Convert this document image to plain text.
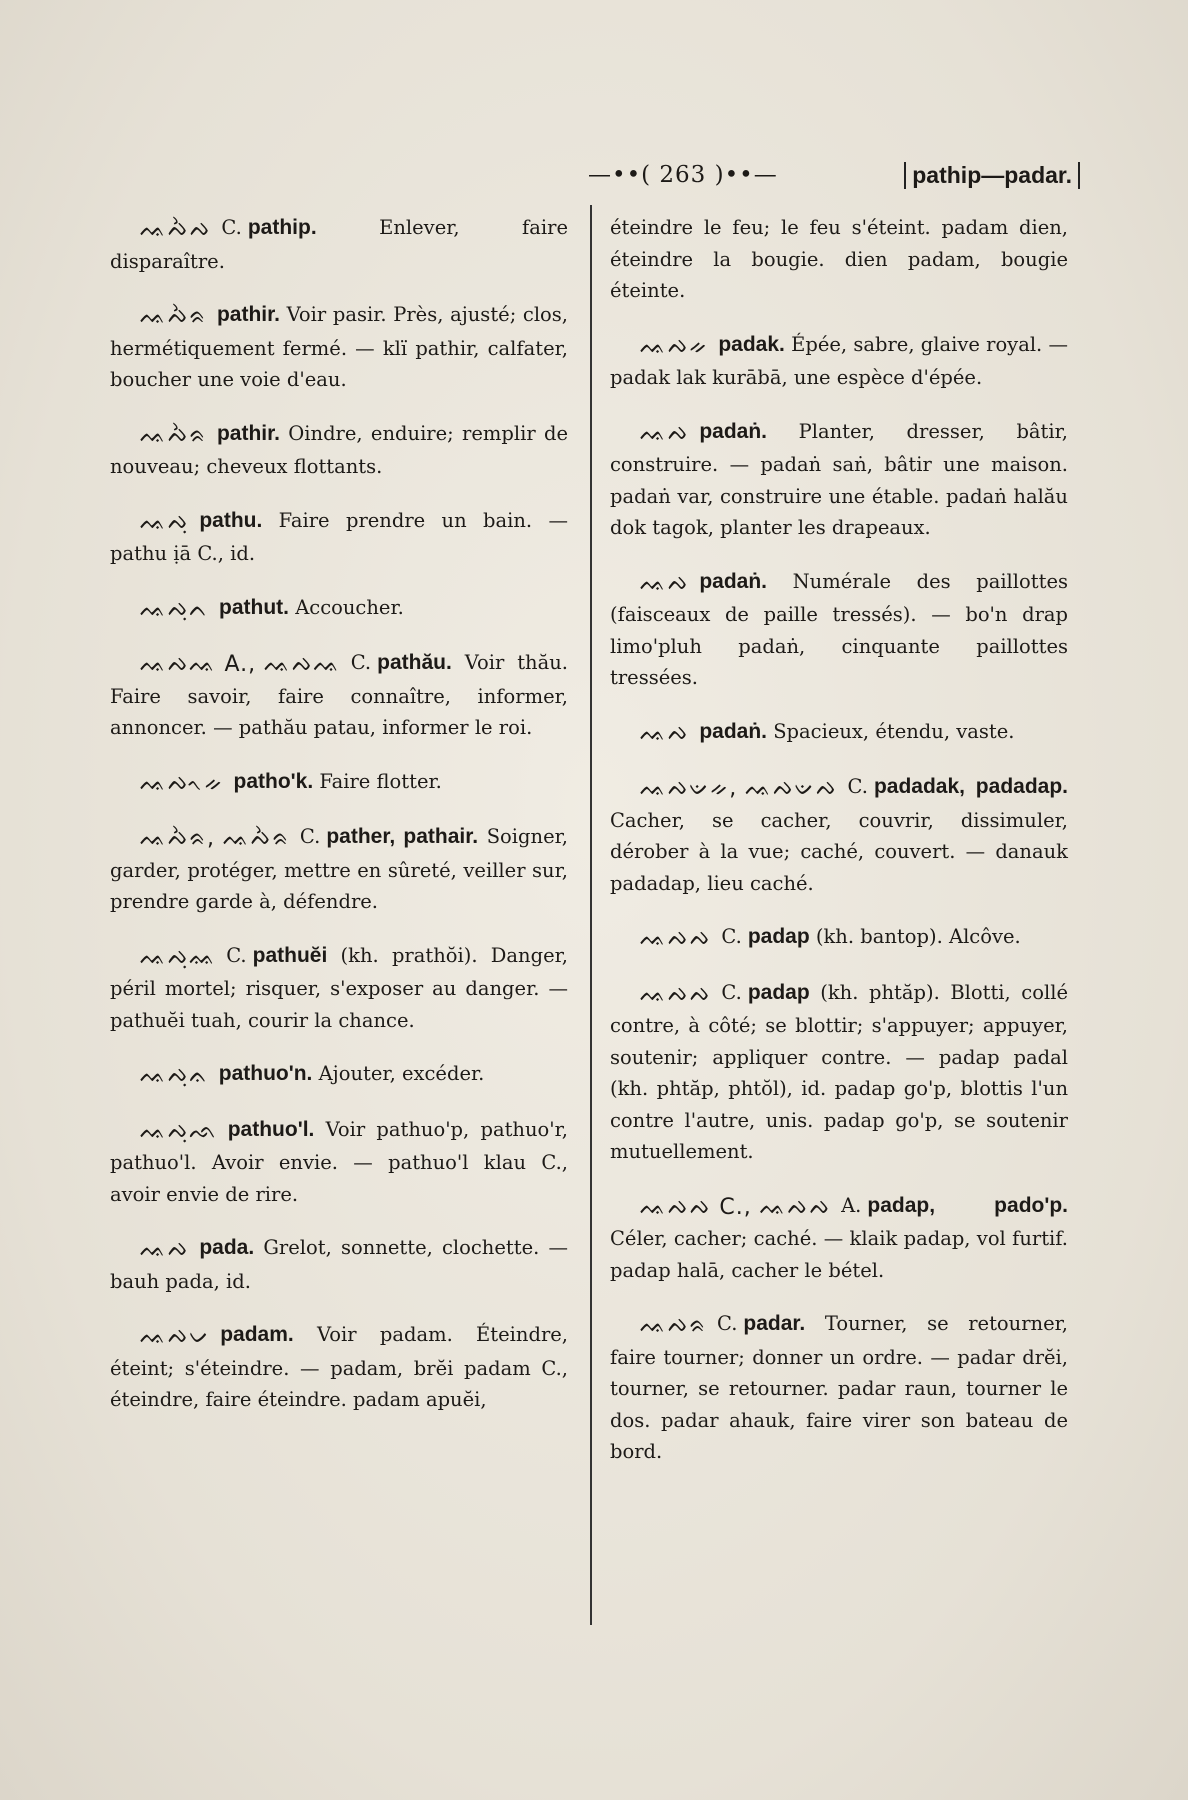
—••( 263 )••—	pathip—padar.

ᨕᨄᨛᨄ C. pathip.	Enlever, faire disparaître.

ᨕᨄᨛᨑ pathir. Voir pasir. Près, ajusté; clos, hermétiquement fermé. — klï pathir, calfater, boucher une voie d'eau.

ᨕᨄᨛᨑ pathir. Oindre, enduire; remplir de nouveau; cheveux flottants.

ᨕᨄᨘ pathu. Faire prendre un bain. — pathu ịā C., id.

ᨕᨄᨘᨈ pathut. Accoucher.

ᨕᨄᨕ A., ᨕᨄᨕ C. pathău. Voir thău. Faire savoir, faire connaître, informer, annoncer. — pathău patau, informer le roi.

ᨕᨄᨚᨀ patho'k. Faire flotter.

ᨕᨄᨛᨑ, ᨕᨄᨛᨑ C. pather, pathair. Soigner, garder, protéger, mettre en sûreté, veiller sur, prendre garde à, défendre.

ᨕᨄᨘᨐ C. pathuĕi (kh. prathŏi). Danger, péril mortel; risquer, s'exposer au danger. — pathuĕi tuah, courir la chance.

ᨕᨄᨘᨊ pathuo'n. Ajouter, excéder.

ᨕᨄᨘᨒ pathuo'l. Voir pathuo'p, pathuo'r, pathuo'l. Avoir envie. — pathuo'l klau C., avoir envie de rire.

ᨕᨄ pada. Grelot, sonnette, clochette. — bauh pada, id.

ᨕᨄᨆ padam. Voir padam. Éteindre, éteint; s'éteindre. — padam, brĕi padam C., éteindre, faire éteindre. padam apuĕi,

éteindre le feu; le feu s'éteint. padam dien, éteindre la bougie. dien padam, bougie éteinte.

ᨕᨄᨀ padak. Épée, sabre, glaive royal. — padak lak kurābā, une espèce d'épée.

ᨕᨄ padaṅ. Planter, dresser, bâtir, construire. — padaṅ saṅ, bâtir une maison. padaṅ var, construire une étable. padaṅ halău dok tagok, planter les drapeaux.

ᨕᨄ padaṅ. Numérale des paillottes (faisceaux de paille tressés). — bo'n drap limo'pluh padaṅ, cinquante paillottes tressées.

ᨕᨄ padaṅ. Spacieux, étendu, vaste.

ᨕᨄᨉᨀ, ᨕᨄᨉᨄ C. padadak, padadap. Cacher, se cacher, couvrir, dissimuler, dérober à la vue; caché, couvert. — danauk padadap, lieu caché.

ᨕᨄᨄ C. padap (kh. bantop). Alcôve.

ᨕᨄᨄ C. padap (kh. phtăp). Blotti, collé contre, à côté; se blottir; s'appuyer; appuyer, soutenir; appliquer contre. — padap padal (kh. phtăp, phtŏl), id. padap go'p, blottis l'un contre l'autre, unis. padap go'p, se soutenir mutuellement.

ᨕᨄᨄ C., ᨕᨄᨄ A. padap, pado'p. Céler, cacher; caché. — klaik padap, vol furtif. padap halā, cacher le bétel.

ᨕᨄᨑ C. padar. Tourner, se retourner, faire tourner; donner un ordre. — padar drĕi, tourner, se retourner. padar raun, tourner le dos. padar ahauk, faire virer son bateau de bord.
